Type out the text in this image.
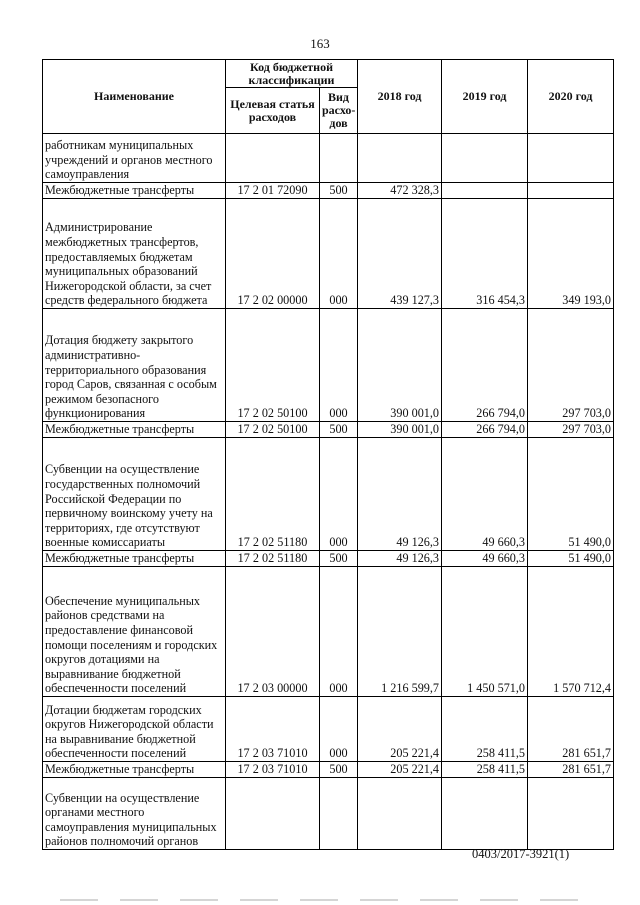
163
Наименование	Код бюджетной классификации		2018 год	2019 год	2020 год
	Целевая статья расходов	Вид расхо-дов			
работникам муниципальных учреждений и органов местного самоуправления					
Межбюджетные трансферты	17 2 01 72090	500	472 328,3		
Администрирование межбюджетных трансфертов, предоставляемых бюджетам муниципальных образований Нижегородской области, за счет средств федерального бюджета	17 2 02 00000	000	439 127,3	316 454,3	349 193,0
Дотация бюджету закрытого административно-территориального образования город Саров, связанная с особым режимом безопасного функционирования	17 2 02 50100	000	390 001,0	266 794,0	297 703,0
Межбюджетные трансферты	17 2 02 50100	500	390 001,0	266 794,0	297 703,0
Субвенции на осуществление государственных полномочий Российской Федерации по первичному воинскому учету на территориях, где отсутствуют военные комиссариаты	17 2 02 51180	000	49 126,3	49 660,3	51 490,0
Межбюджетные трансферты	17 2 02 51180	500	49 126,3	49 660,3	51 490,0
Обеспечение муниципальных районов средствами на предоставление финансовой помощи поселениям и городских округов дотациями на выравнивание бюджетной обеспеченности поселений	17 2 03 00000	000	1 216 599,7	1 450 571,0	1 570 712,4
Дотации бюджетам городских округов Нижегородской области на выравнивание бюджетной обеспеченности поселений	17 2 03 71010	000	205 221,4	258 411,5	281 651,7
Межбюджетные трансферты	17 2 03 71010	500	205 221,4	258 411,5	281 651,7
Субвенции на осуществление органами местного самоуправления муниципальных районов полномочий органов					
0403/2017-3921(1)
